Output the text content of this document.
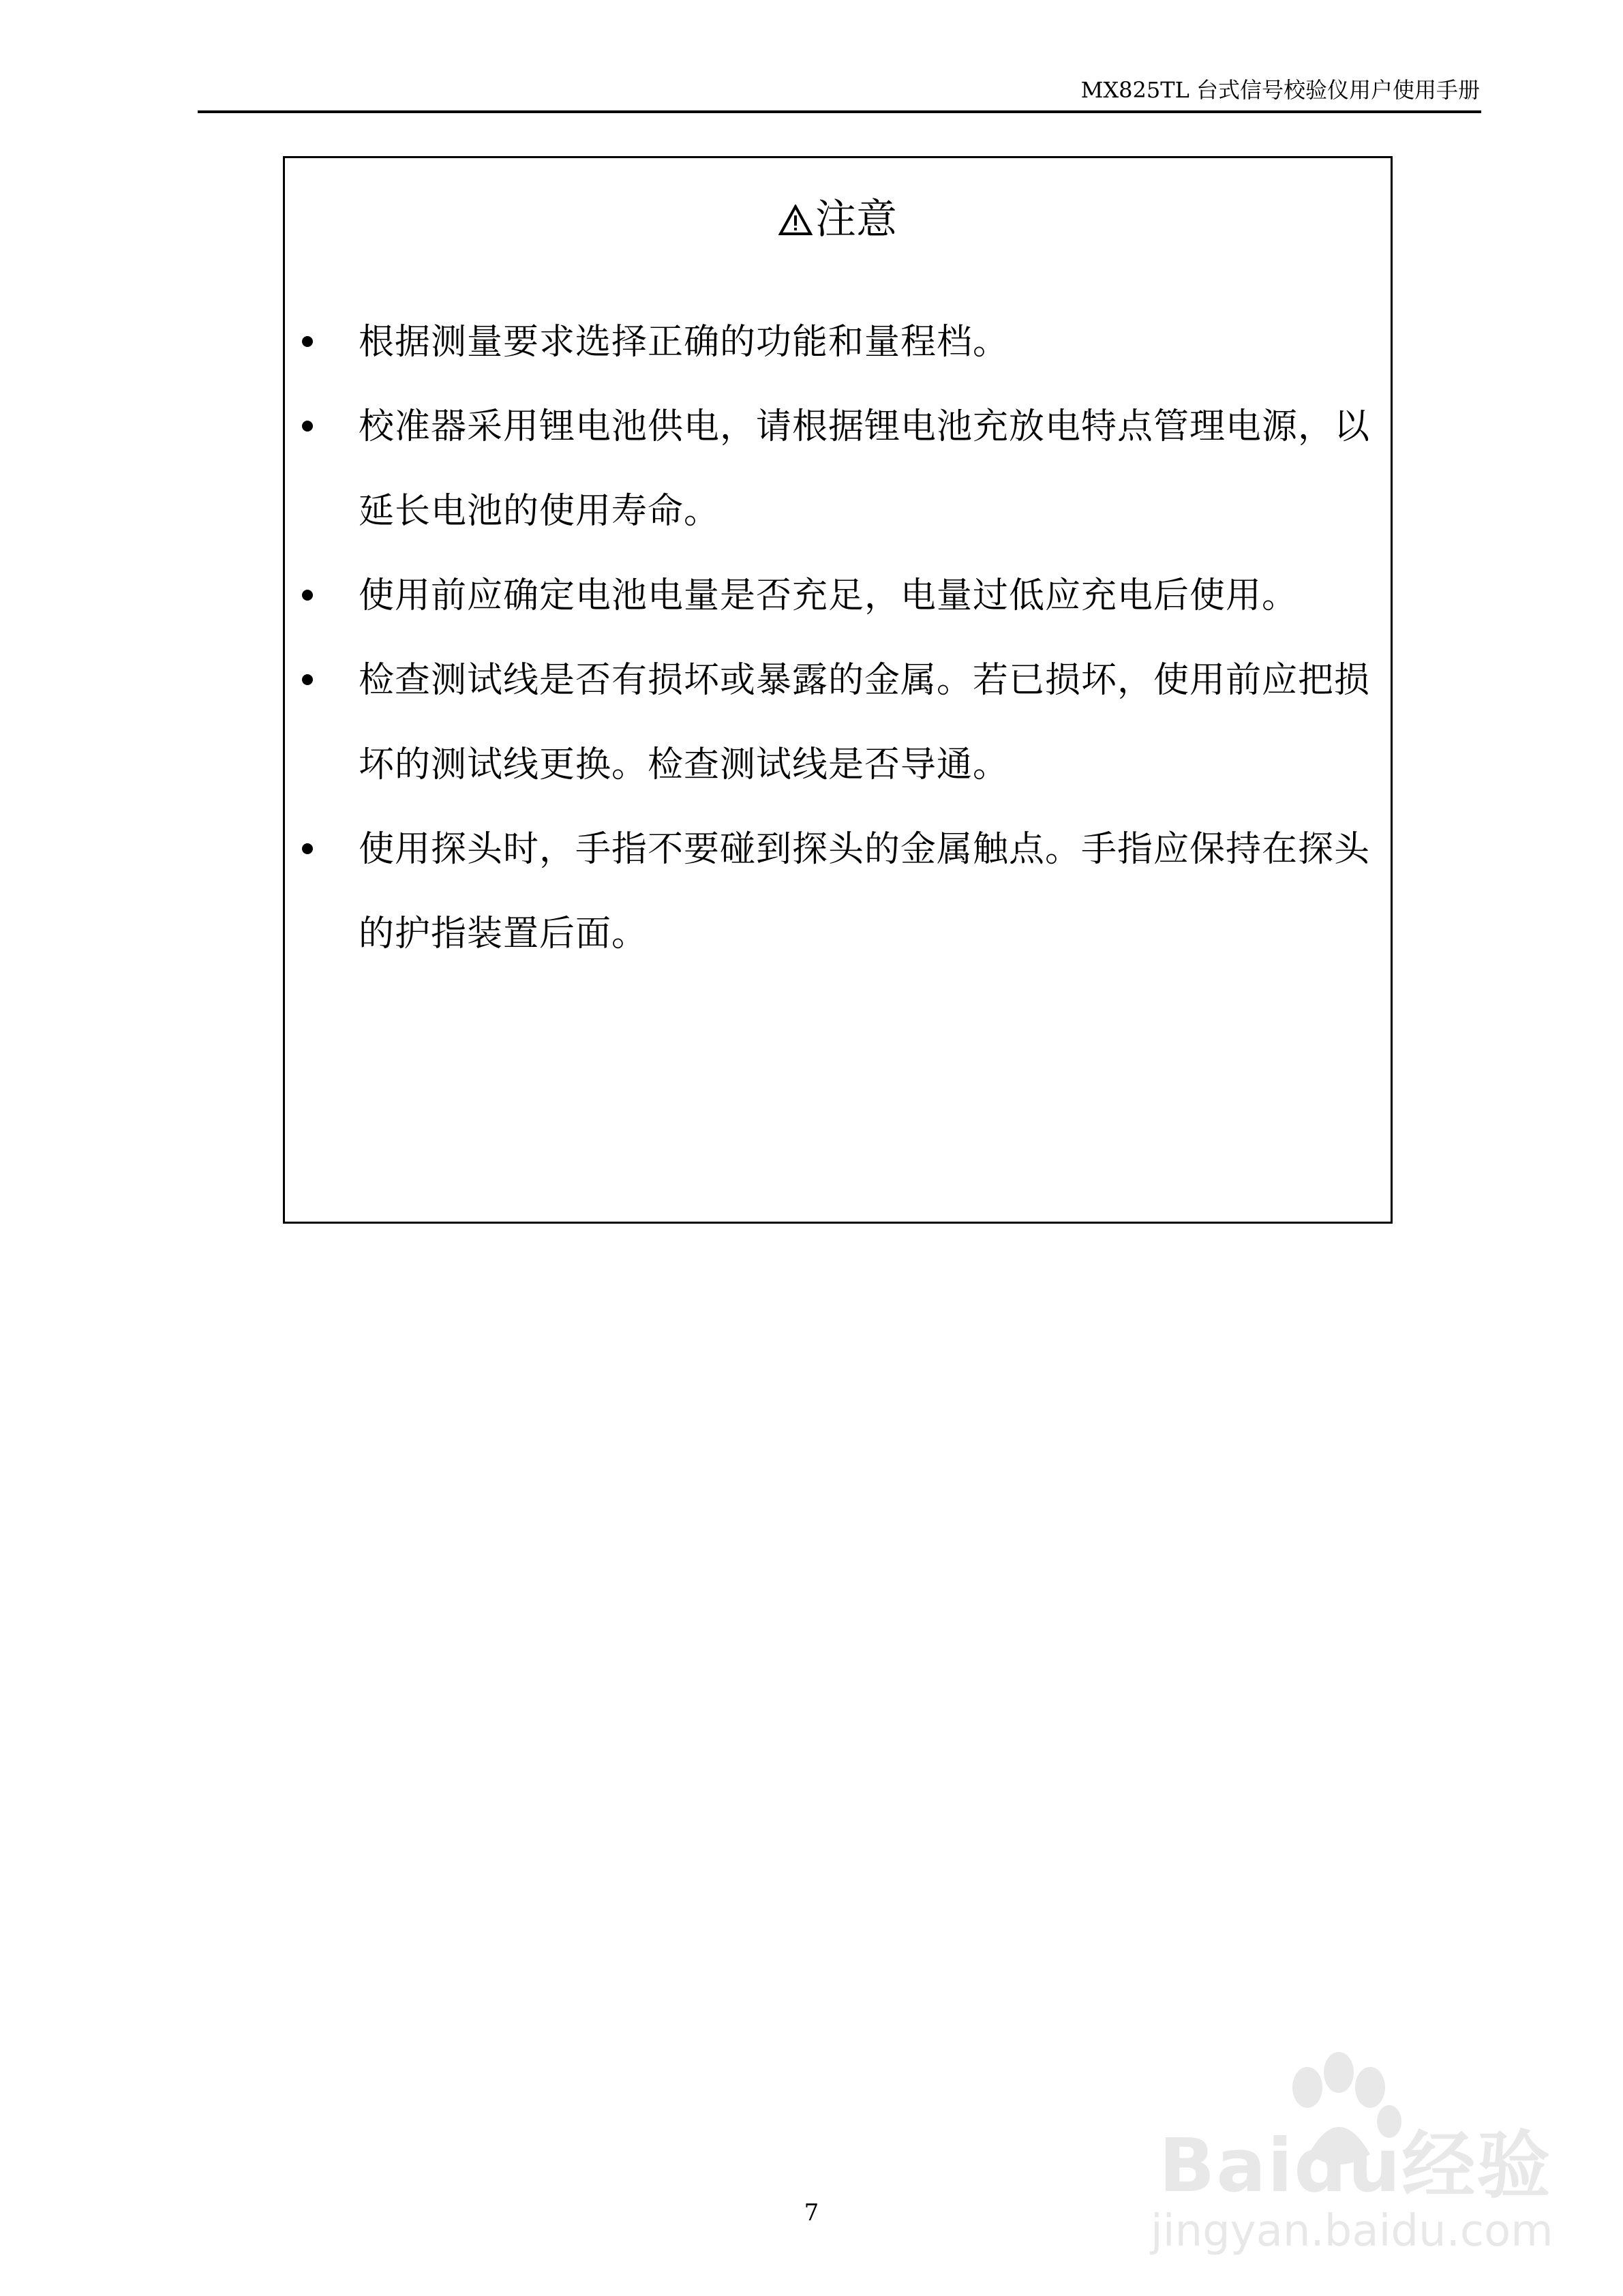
MX825TL 台式信号校验仪用户使用手册
注意
根据测量要求选择正确的功能和量程档。
校准器采用锂电池供电，请根据锂电池充放电特点管理电源，以延长电池的使用寿命。
使用前应确定电池电量是否充足，电量过低应充电后使用。
检查测试线是否有损坏或暴露的金属。若已损坏，使用前应把损坏的测试线更换。检查测试线是否导通。
使用探头时，手指不要碰到探头的金属触点。手指应保持在探头的护指装置后面。
7
Baidu经验
jingyan.baidu.com
